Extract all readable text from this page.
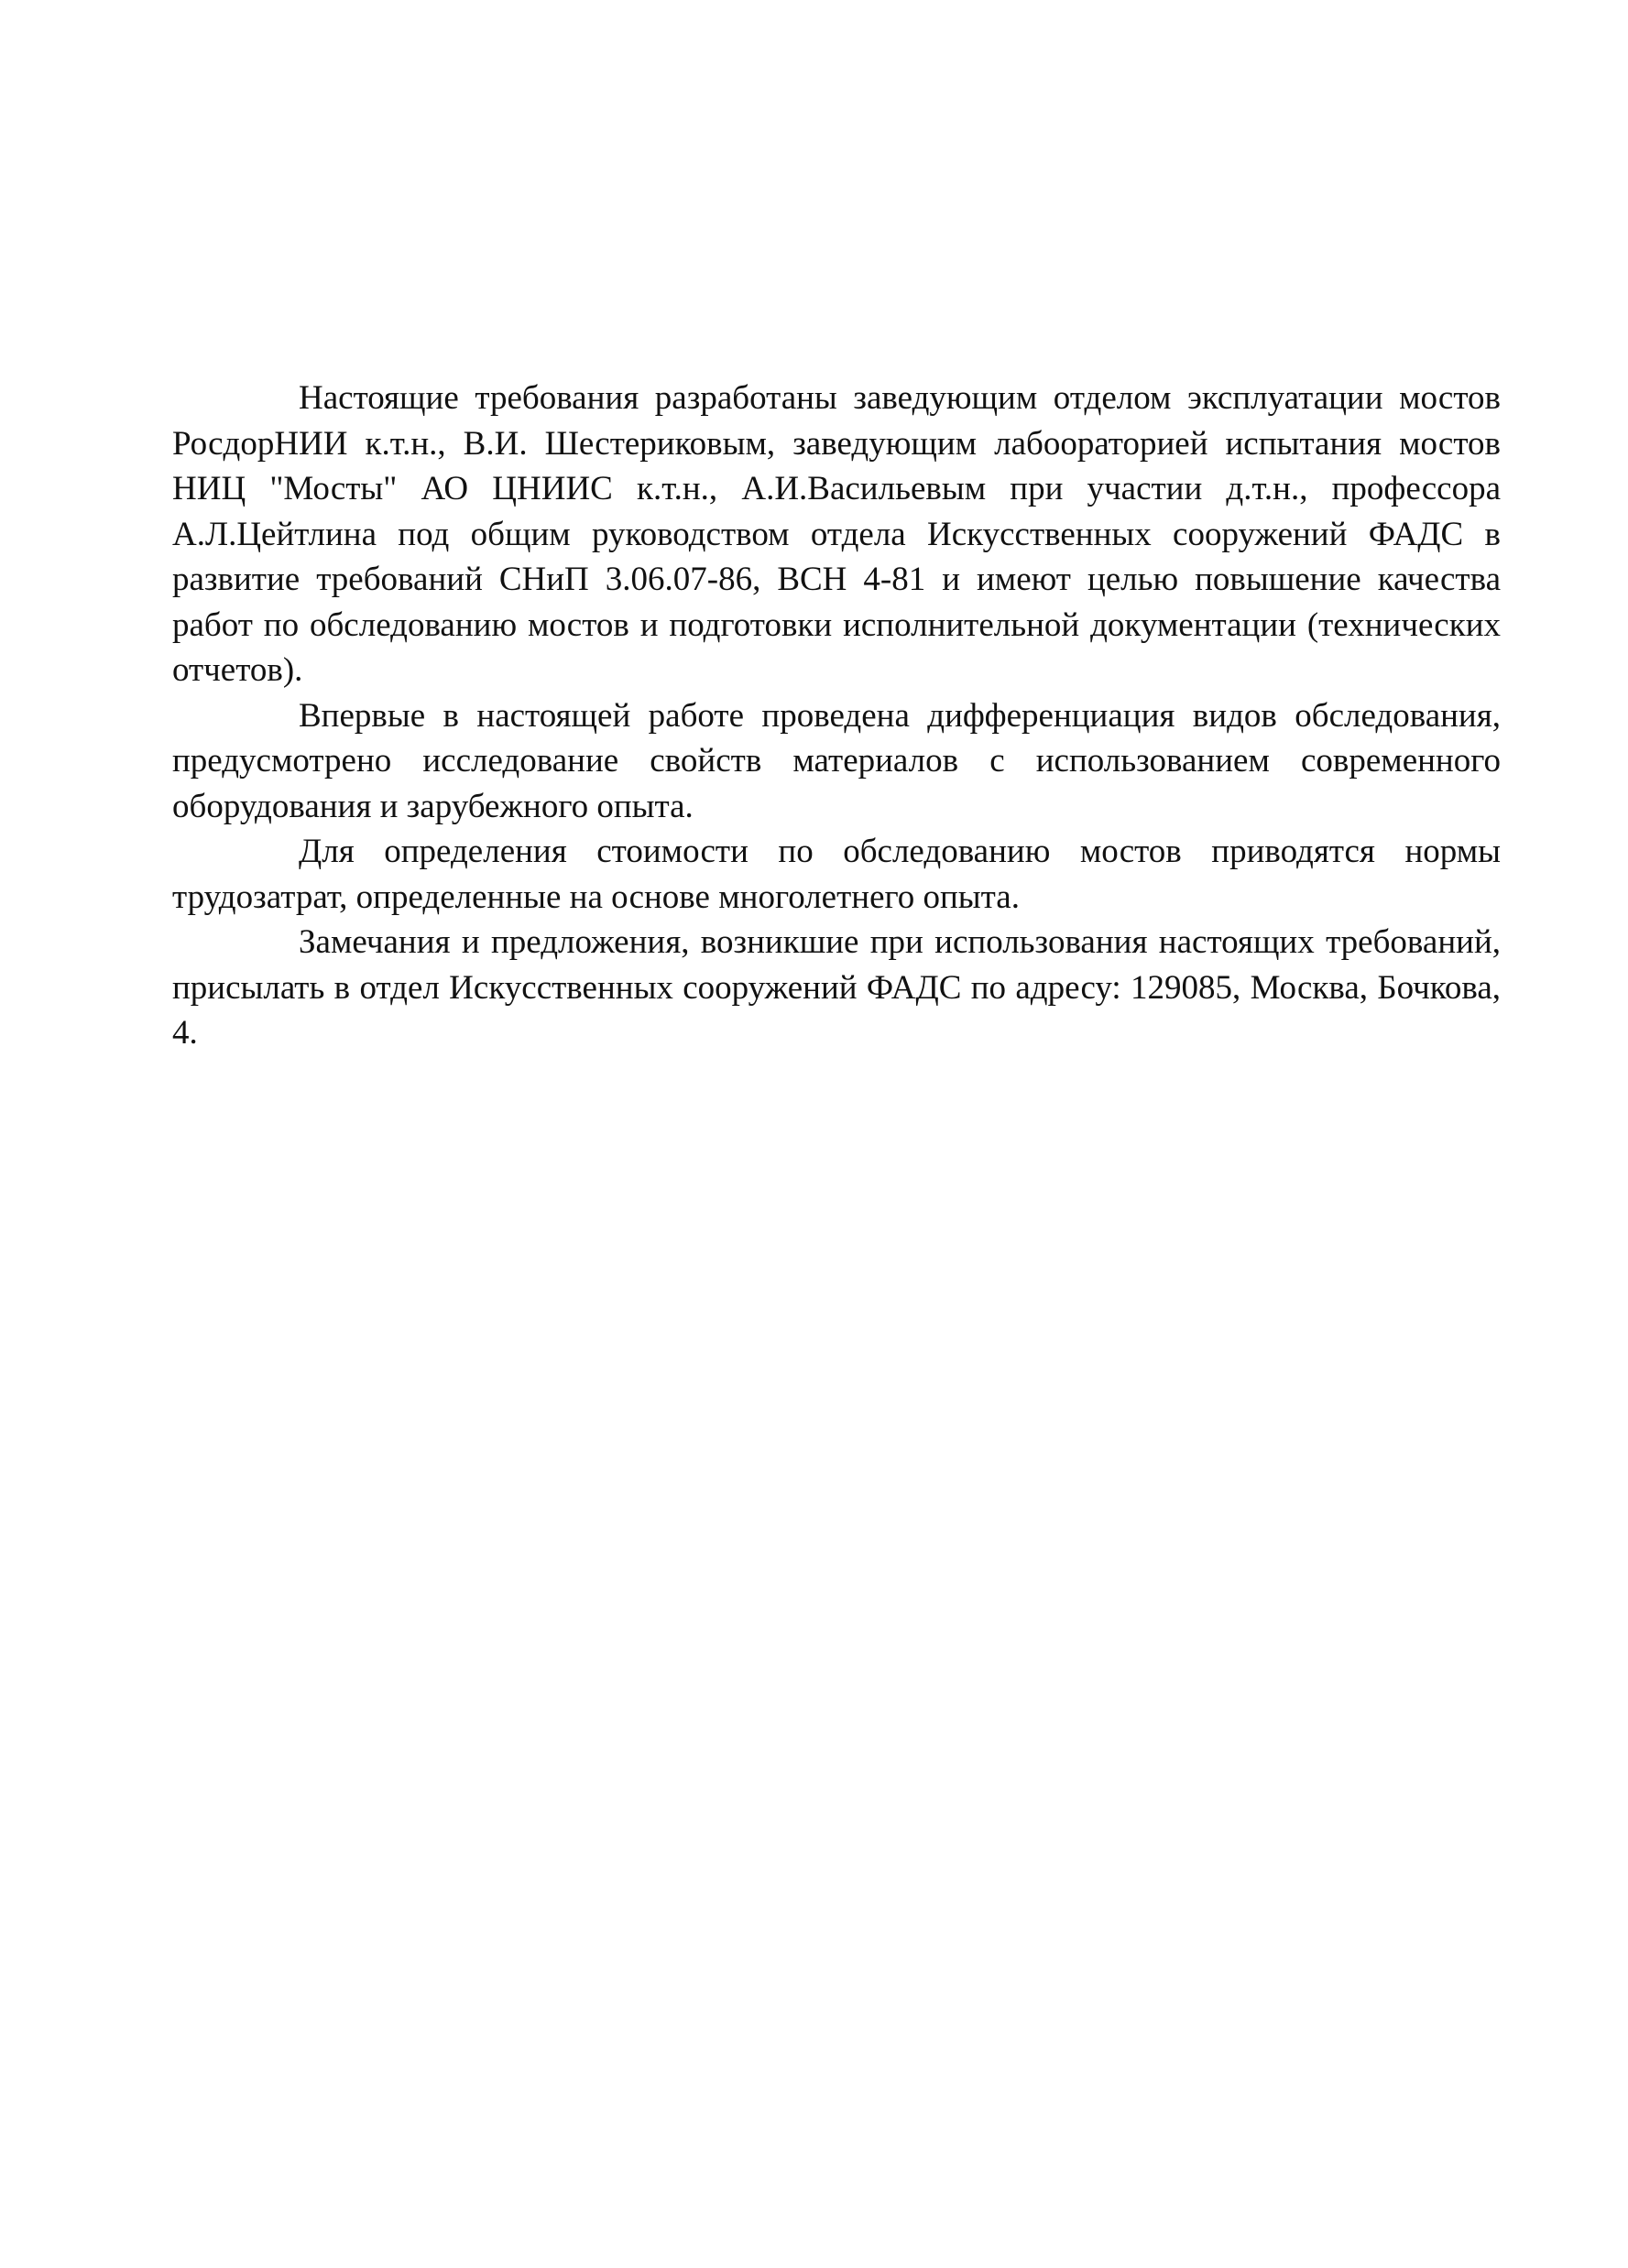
Настоящие требования разработаны заведующим отделом эксплуатации мостов РосдорНИИ к.т.н., В.И. Шестериковым, заведующим лабоораторией испытания мостов НИЦ "Мосты" АО ЦНИИС к.т.н., А.И.Васильевым при участии д.т.н., профессора А.Л.Цейтлина под общим руководством отдела Искусственных сооружений ФАДС в развитие требований СНиП 3.06.07-86, ВСН 4-81 и имеют целью повышение качества работ по обследованию мостов и подготовки исполнительной документации (технических отчетов).

Впервые в настоящей работе проведена дифференциация видов обследования, предусмотрено исследование свойств материалов с использованием современного оборудования и зарубежного опыта.

Для определения стоимости по обследованию мостов приводятся нормы трудозатрат, определенные на основе многолетнего опыта.

Замечания и предложения, возникшие при использования настоящих требований, присылать в отдел Искусственных сооружений ФАДС по адресу: 129085, Москва, Бочкова, 4.
